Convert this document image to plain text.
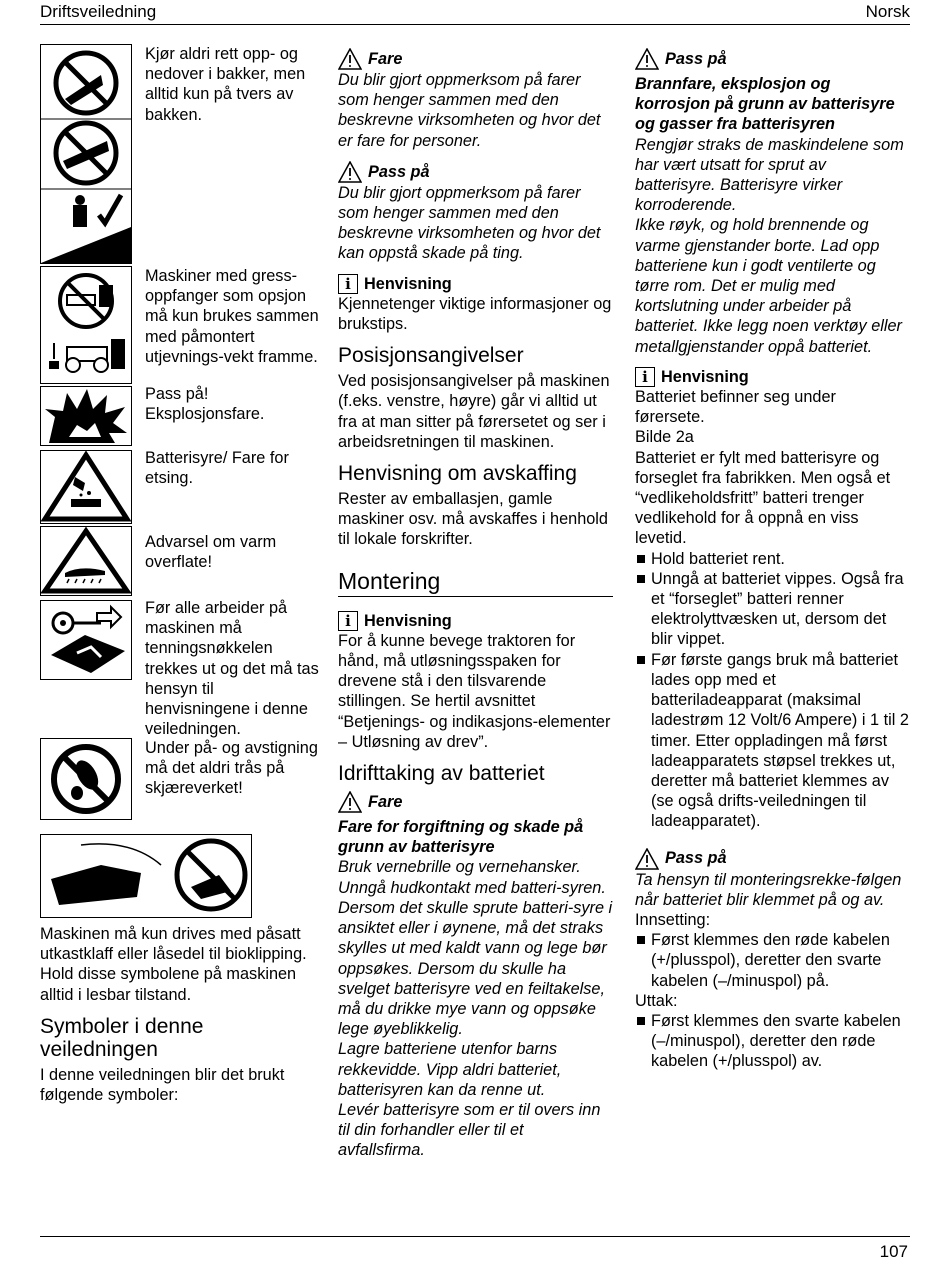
Driftsveiledning	Norsk
Kjør aldri rett opp- og nedover i bakker, men alltid kun på tvers av bakken.
Maskiner med gress-oppfanger som opsjon må kun brukes sammen med påmontert utjevnings-vekt framme.
Pass på! Eksplosjonsfare.
Batterisyre/ Fare for etsing.
Advarsel om varm overflate!
Før alle arbeider på maskinen må tenningsnøkkelen trekkes ut og det må tas hensyn til henvisningene i denne veiledningen.
Under på- og avstigning må det aldri trås på skjæreverket!

Maskinen må kun drives med påsatt utkastklaff eller låsedel til bioklipping.

Hold disse symbolene på maskinen alltid i lesbar tilstand.

Symboler i denne veiledningen

I denne veiledningen blir det brukt følgende symboler:

Fare

Du blir gjort oppmerksom på farer som henger sammen med den beskrevne virksomheten og hvor det er fare for personer.

Pass på

Du blir gjort oppmerksom på farer som henger sammen med den beskrevne virksomheten og hvor det kan oppstå skade på ting.

i Henvisning

Kjennetenger viktige informasjoner og brukstips.

Posisjonsangivelser

Ved posisjonsangivelser på maskinen (f.eks. venstre, høyre) går vi alltid ut fra at man sitter på førersetet og ser i arbeidsretningen til maskinen.

Henvisning om avskaffing

Rester av emballasjen, gamle maskiner osv. må avskaffes i henhold til lokale forskrifter.

Montering
i Henvisning

For å kunne bevege traktoren for hånd, må utløsningsspaken for drevene stå i den tilsvarende stillingen. Se hertil avsnittet “Betjenings- og indikasjons-elementer – Utløsning av drev”.

Idrifttaking av batteriet
Fare

Fare for forgiftning og skade på grunn av batterisyre

Bruk vernebrille og vernehansker. Unngå hudkontakt med batteri-syren.

Dersom det skulle sprute batteri-syre i ansiktet eller i øynene, må det straks skylles ut med kaldt vann og lege bør oppsøkes. Dersom du skulle ha svelget batterisyre ved en feiltakelse, må du drikke mye vann og oppsøke lege øyeblikkelig.

Lagre batteriene utenfor barns rekkevidde. Vipp aldri batteriet, batterisyren kan da renne ut.

Levér batterisyre som er til overs inn til din forhandler eller til et avfallsfirma.

Pass på

Brannfare, eksplosjon og korrosjon på grunn av batterisyre og gasser fra batterisyren

Rengjør straks de maskindelene som har vært utsatt for sprut av batterisyre. Batterisyre virker korroderende.

Ikke røyk, og hold brennende og varme gjenstander borte. Lad opp batteriene kun i godt ventilerte og tørre rom. Det er mulig med kortslutning under arbeider på batteriet. Ikke legg noen verktøy eller metallgjenstander oppå batteriet.

i Henvisning

Batteriet befinner seg under førersete.

Bilde 2a

Batteriet er fylt med batterisyre og forseglet fra fabrikken. Men også et “vedlikeholdsfritt” batteri trenger vedlikehold for å oppnå en viss levetid.

Hold batteriet rent.
Unngå at batteriet vippes. Også fra et “forseglet” batteri renner elektrolyttvæsken ut, dersom det blir vippet.
Før første gangs bruk må batteriet lades opp med et batteriladeapparat (maksimal ladestrøm 12 Volt/6 Ampere) i 1 til 2 timer. Etter oppladingen må først ladeapparatets støpsel trekkes ut, deretter må batteriet klemmes av (se også drifts-veiledningen til ladeapparatet).
Pass på

Ta hensyn til monteringsrekke-følgen når batteriet blir klemmet på og av.

Innsetting:

Først klemmes den røde kabelen (+/plusspol), deretter den svarte kabelen (–/minuspol) på.

Uttak:

Først klemmes den svarte kabelen (–/minuspol), deretter den røde kabelen (+/plusspol) av.
107
